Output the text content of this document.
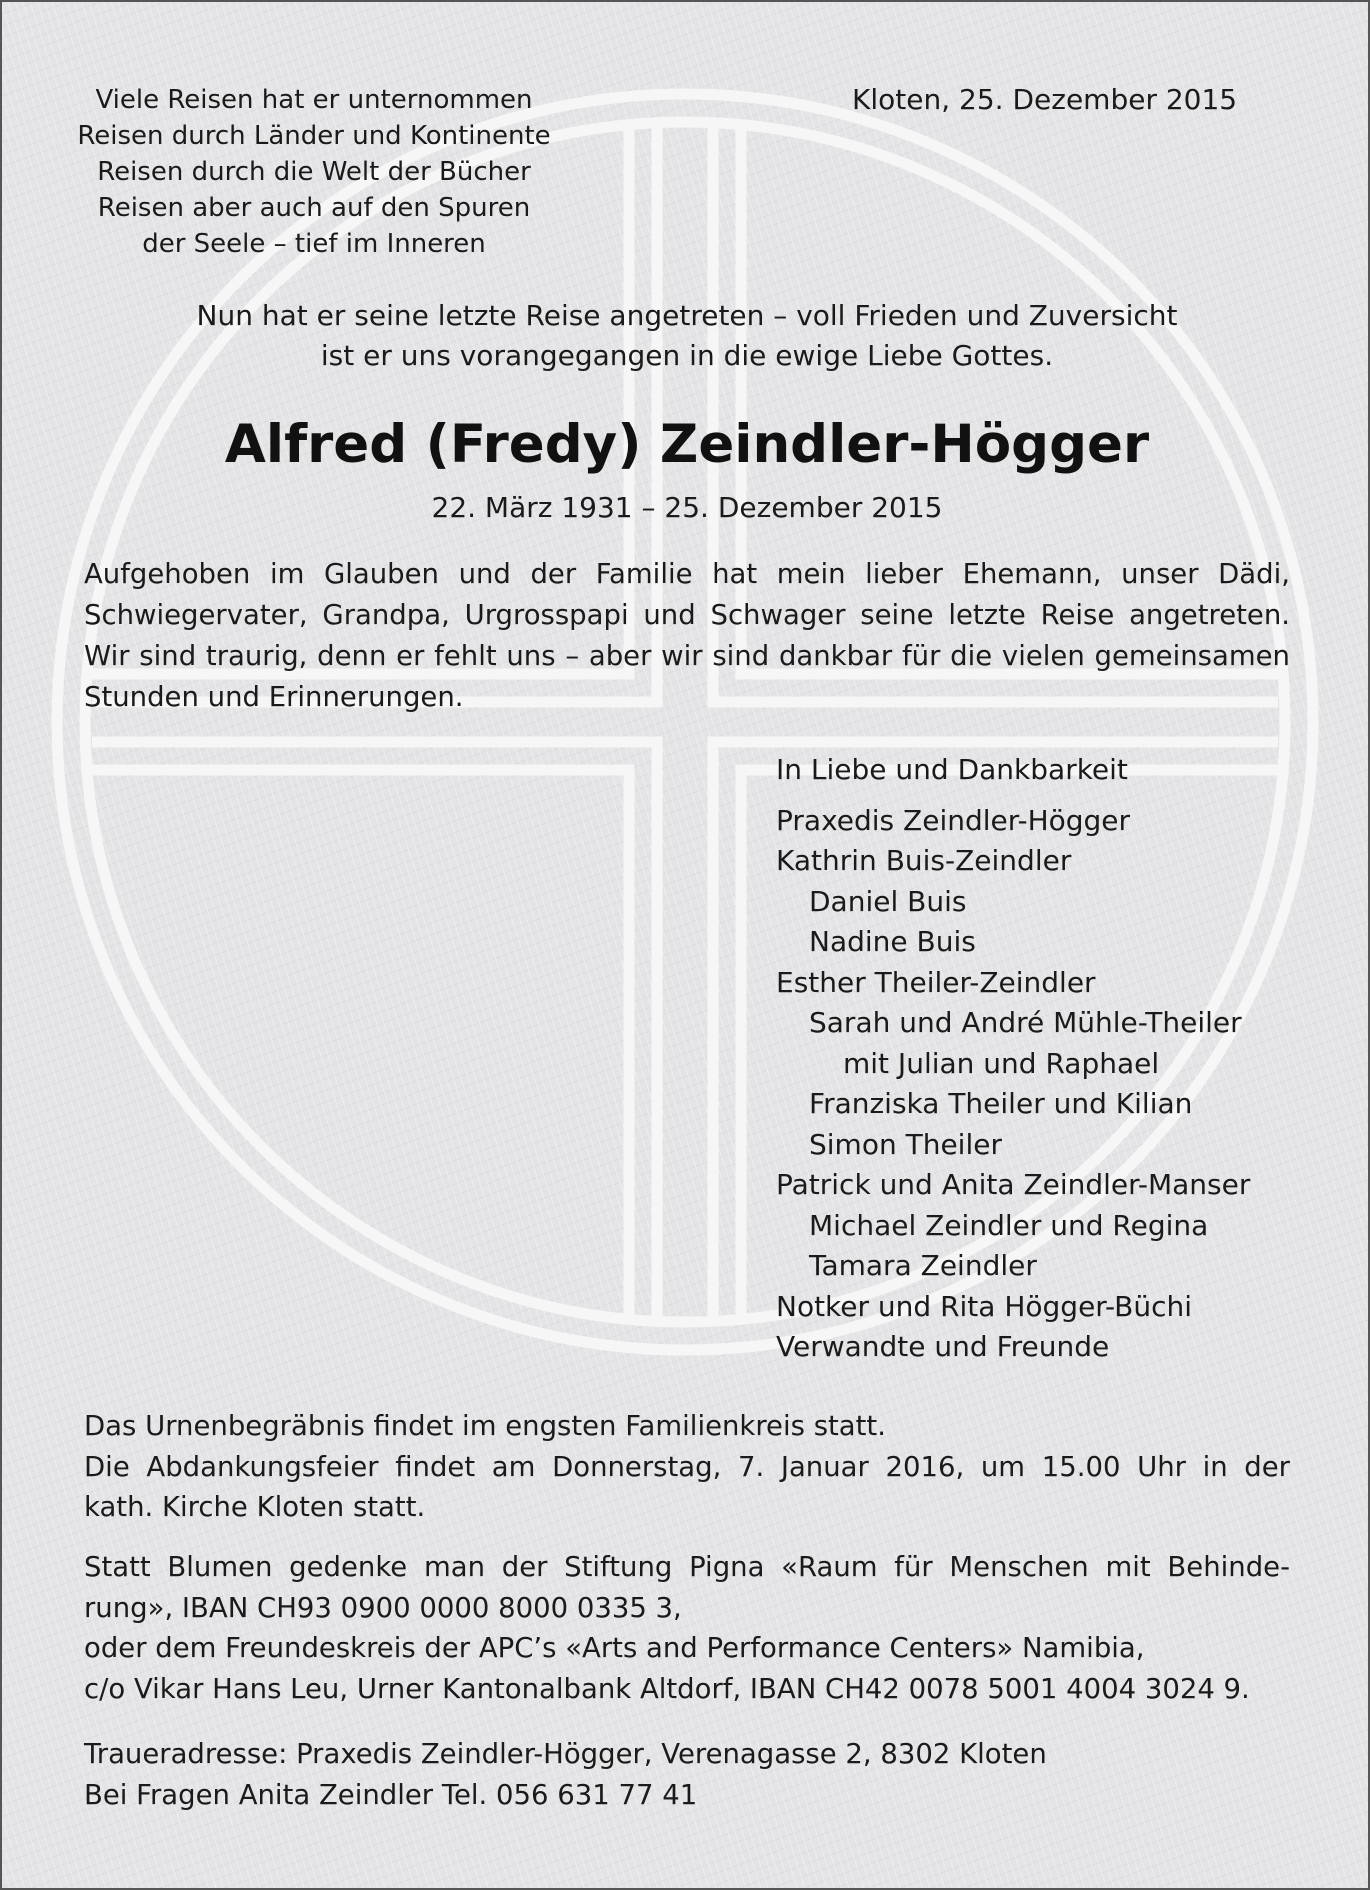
Viele Reisen hat er unternommen
Reisen durch Länder und Kontinente
Reisen durch die Welt der Bücher
Reisen aber auch auf den Spuren
der Seele – tief im Inneren
Kloten, 25. Dezember 2015
Nun hat er seine letzte Reise angetreten – voll Frieden und Zuversicht
ist er uns vorangegangen in die ewige Liebe Gottes.
Alfred (Fredy) Zeindler-Högger
22. März 1931 – 25. Dezember 2015
Aufgehoben im Glauben und der Familie hat mein lieber Ehemann, unser Dädi,
Schwiegervater, Grandpa, Urgrosspapi und Schwager seine letzte Reise angetreten.
Wir sind traurig, denn er fehlt uns – aber wir sind dankbar für die vielen gemeinsamen
Stunden und Erinnerungen.
In Liebe und Dankbarkeit
Praxedis Zeindler-Högger
Kathrin Buis-Zeindler
Daniel Buis
Nadine Buis
Esther Theiler-Zeindler
Sarah und André Mühle-Theiler
mit Julian und Raphael
Franziska Theiler und Kilian
Simon Theiler
Patrick und Anita Zeindler-Manser
Michael Zeindler und Regina
Tamara Zeindler
Notker und Rita Högger-Büchi
Verwandte und Freunde
Das Urnenbegräbnis findet im engsten Familienkreis statt.
Die Abdankungsfeier findet am Donnerstag, 7. Januar 2016, um 15.00 Uhr in der
kath. Kirche Kloten statt.
Statt Blumen gedenke man der Stiftung Pigna «Raum für Menschen mit Behinde-
rung», IBAN CH93 0900 0000 8000 0335 3,
oder dem Freundeskreis der APC’s «Arts and Performance Centers» Namibia,
c/o Vikar Hans Leu, Urner Kantonalbank Altdorf, IBAN CH42 0078 5001 4004 3024 9.
Traueradresse: Praxedis Zeindler-Högger, Verenagasse 2, 8302 Kloten
Bei Fragen Anita Zeindler Tel. 056 631 77 41
